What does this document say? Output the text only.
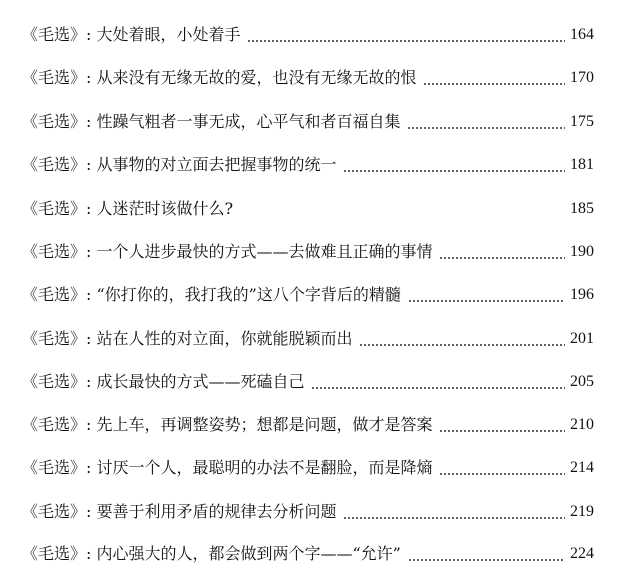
《毛选》: 大处着眼，小处着手	164
《毛选》: 从来没有无缘无故的爱，也没有无缘无故的恨	170
《毛选》: 性躁气粗者一事无成，心平气和者百福自集	175
《毛选》: 从事物的对立面去把握事物的统一	181
《毛选》: 人迷茫时该做什么?	185
《毛选》: 一个人进步最快的方式——去做难且正确的事情	190
《毛选》: “你打你的，我打我的”这八个字背后的精髓	196
《毛选》: 站在人性的对立面，你就能脱颖而出	201
《毛选》: 成长最快的方式——死磕自己	205
《毛选》: 先上车，再调整姿势；想都是问题，做才是答案	210
《毛选》: 讨厌一个人，最聪明的办法不是翻脸，而是降熵	214
《毛选》: 要善于利用矛盾的规律去分析问题	219
《毛选》: 内心强大的人，都会做到两个字——“允许”	224
